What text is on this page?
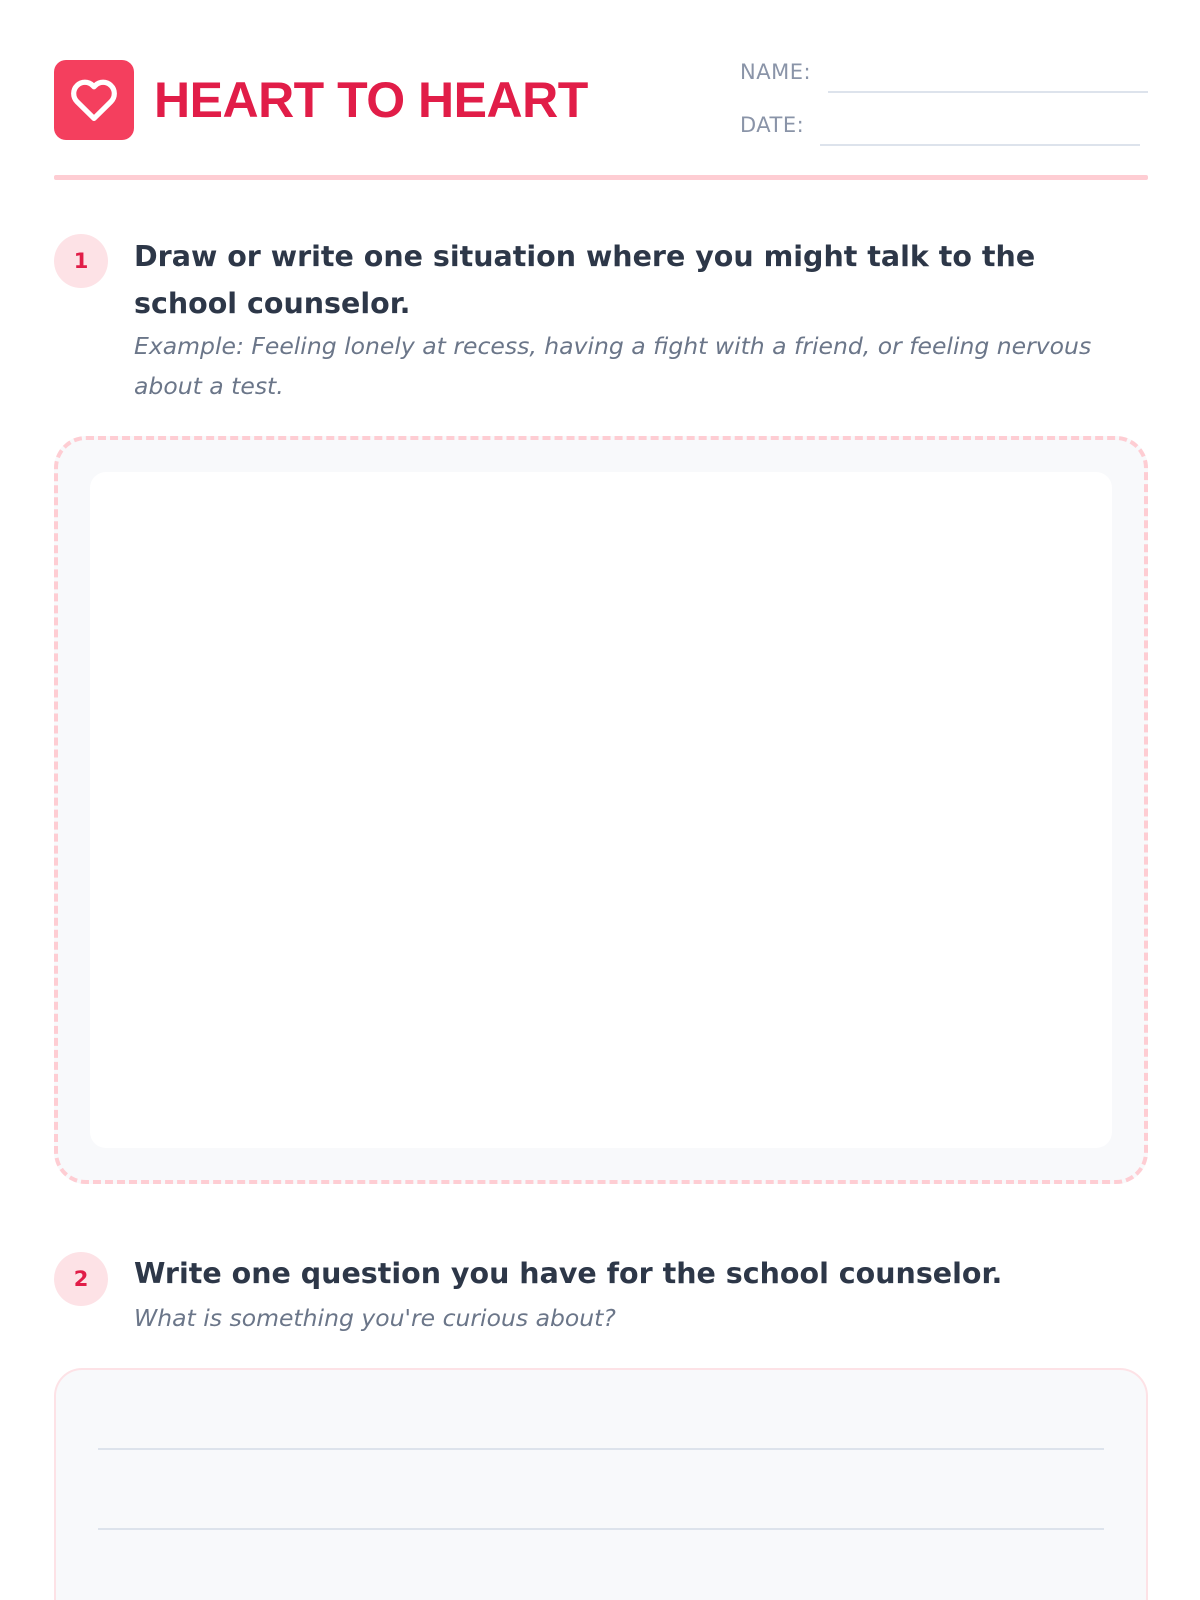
HEART TO HEART	NAME:
DATE:
1	Draw or write one situation where you might talk to the school counselor.
Example: Feeling lonely at recess, having a fight with a friend, or feeling nervous about a test.
2	Write one question you have for the school counselor.
What is something you're curious about?
